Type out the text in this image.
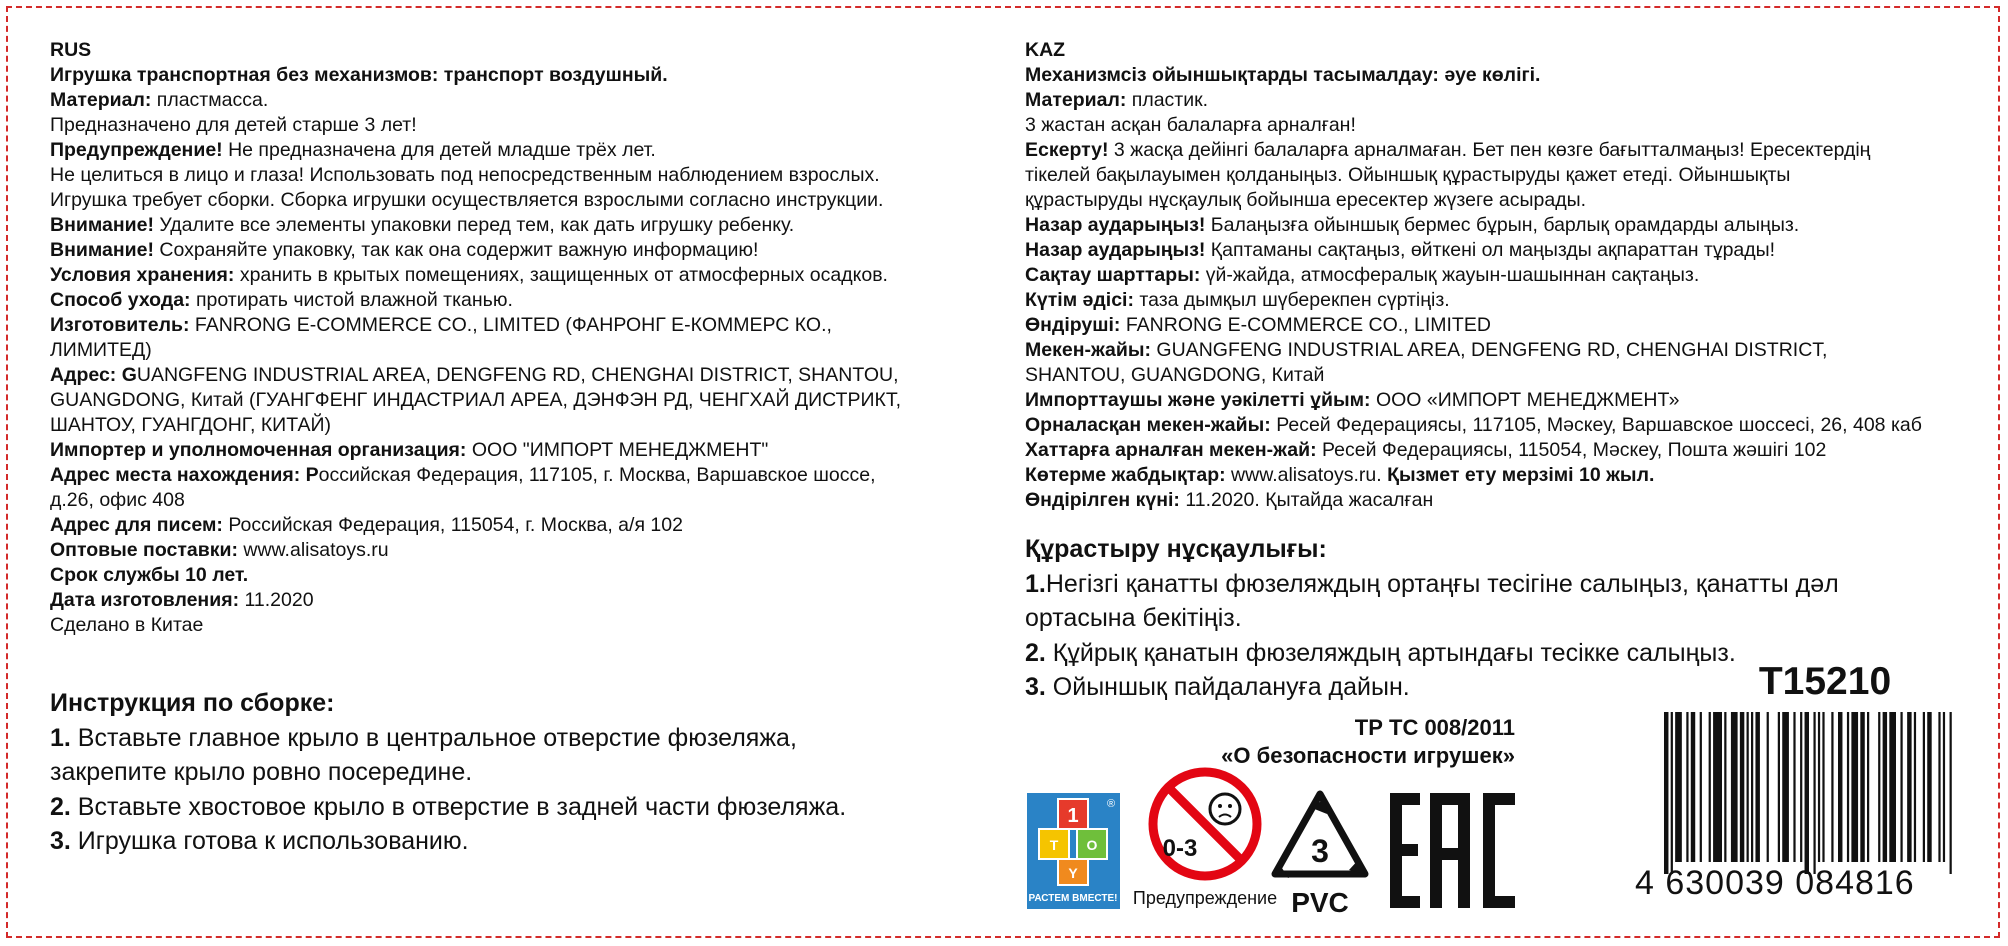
RUS

Игрушка транспортная без механизмов: транспорт воздушный.

Материал: пластмасса.

Предназначено для детей старше 3 лет!

Предупреждение! Не предназначена для детей младше трёх лет.

Не целиться в лицо и глаза! Использовать под непосредственным наблюдением взрослых.

Игрушка требует сборки. Сборка игрушки осуществляется взрослыми согласно инструкции.

Внимание! Удалите все элементы упаковки перед тем, как дать игрушку ребенку.

Внимание! Сохраняйте упаковку, так как она содержит важную информацию!

Условия хранения: хранить в крытых помещениях, защищенных от атмосферных осадков.

Способ ухода: протирать чистой влажной тканью.

Изготовитель: FANRONG E-COMMERCE CO., LIMITED (ФАНРОНГ Е-КОММЕРС КО.,

ЛИМИТЕД)

Адрес: GUANGFENG INDUSTRIAL AREA, DENGFENG RD, CHENGHAI DISTRICT, SHANTOU,

GUANGDONG, Китай (ГУАНГФЕНГ ИНДАСТРИАЛ АРЕА, ДЭНФЭН РД, ЧЕНГХАЙ ДИСТРИКТ,

ШАНТОУ, ГУАНГДОНГ, КИТАЙ)

Импортер и уполномоченная организация: ООО "ИМПОРТ МЕНЕДЖМЕНТ"

Адрес места нахождения: Российская Федерация, 117105, г. Москва, Варшавское шоссе,

д.26, офис 408

Адрес для писем: Российская Федерация, 115054, г. Москва, а/я 102

Оптовые поставки: www.alisatoys.ru

Срок службы 10 лет.

Дата изготовления: 11.2020

Сделано в Китае

KAZ

Механизмсіз ойыншықтарды тасымалдау: әуе көлігі.

Материал: пластик.

3 жастан асқан балаларға арналған!

Ескерту! 3 жасқа дейінгі балаларға арналмаған. Бет пен көзге бағытталмаңыз! Ересектердің

тікелей бақылауымен қолданыңыз. Ойыншық құрастыруды қажет етеді. Ойыншықты

құрастыруды нұсқаулық бойынша ересектер жүзеге асырады.

Назар аударыңыз! Балаңызға ойыншық бермес бұрын, барлық орамдарды алыңыз.

Назар аударыңыз! Қаптаманы сақтаңыз, өйткені ол маңызды ақпараттан тұрады!

Сақтау шарттары: үй-жайда, атмосфералық жауын-шашыннан сақтаңыз.

Күтім әдісі: таза дымқыл шүберекпен сүртіңіз.

Өндіруші: FANRONG E-COMMERCE CO., LIMITED

Мекен-жайы: GUANGFENG INDUSTRIAL AREA, DENGFENG RD, CHENGHAI DISTRICT,

SHANTOU, GUANGDONG, Китай

Импорттаушы және уәкілетті ұйым: ООО «ИМПОРТ МЕНЕДЖМЕНТ»

Орналасқан мекен-жайы: Ресей Федерациясы, 117105, Мәскеу, Варшавское шоссесі, 26, 408 каб

Хаттарға арналған мекен-жай: Ресей Федерациясы, 115054, Мәскеу, Пошта жәшігі 102

Көтерме жабдықтар: www.alisatoys.ru. Қызмет ету мерзімі 10 жыл.

Өндірілген күні: 11.2020. Қытайда жасалған

Инструкция по сборке:

1. Вставьте главное крыло в центральное отверстие фюзеляжа,

закрепите крыло ровно посередине.

2. Вставьте хвостовое крыло в отверстие в задней части фюзеляжа.

3. Игрушка готова к использованию.

Құрастыру нұсқаулығы:

1.Негізгі қанатты фюзеляждың ортаңғы тесігіне салыңыз, қанатты дәл

ортасына бекітіңіз.

2. Құйрық қанатын фюзеляждың артындағы тесікке салыңыз.

3. Ойыншық пайдалануға дайын.

ТР ТС 008/2011

«О безопасности игрушек»

1
T O
Y
®
РАСТЕМ ВМЕСТЕ!
0-3
Предупреждение
3
PVC
T15210
4 630039 084816
